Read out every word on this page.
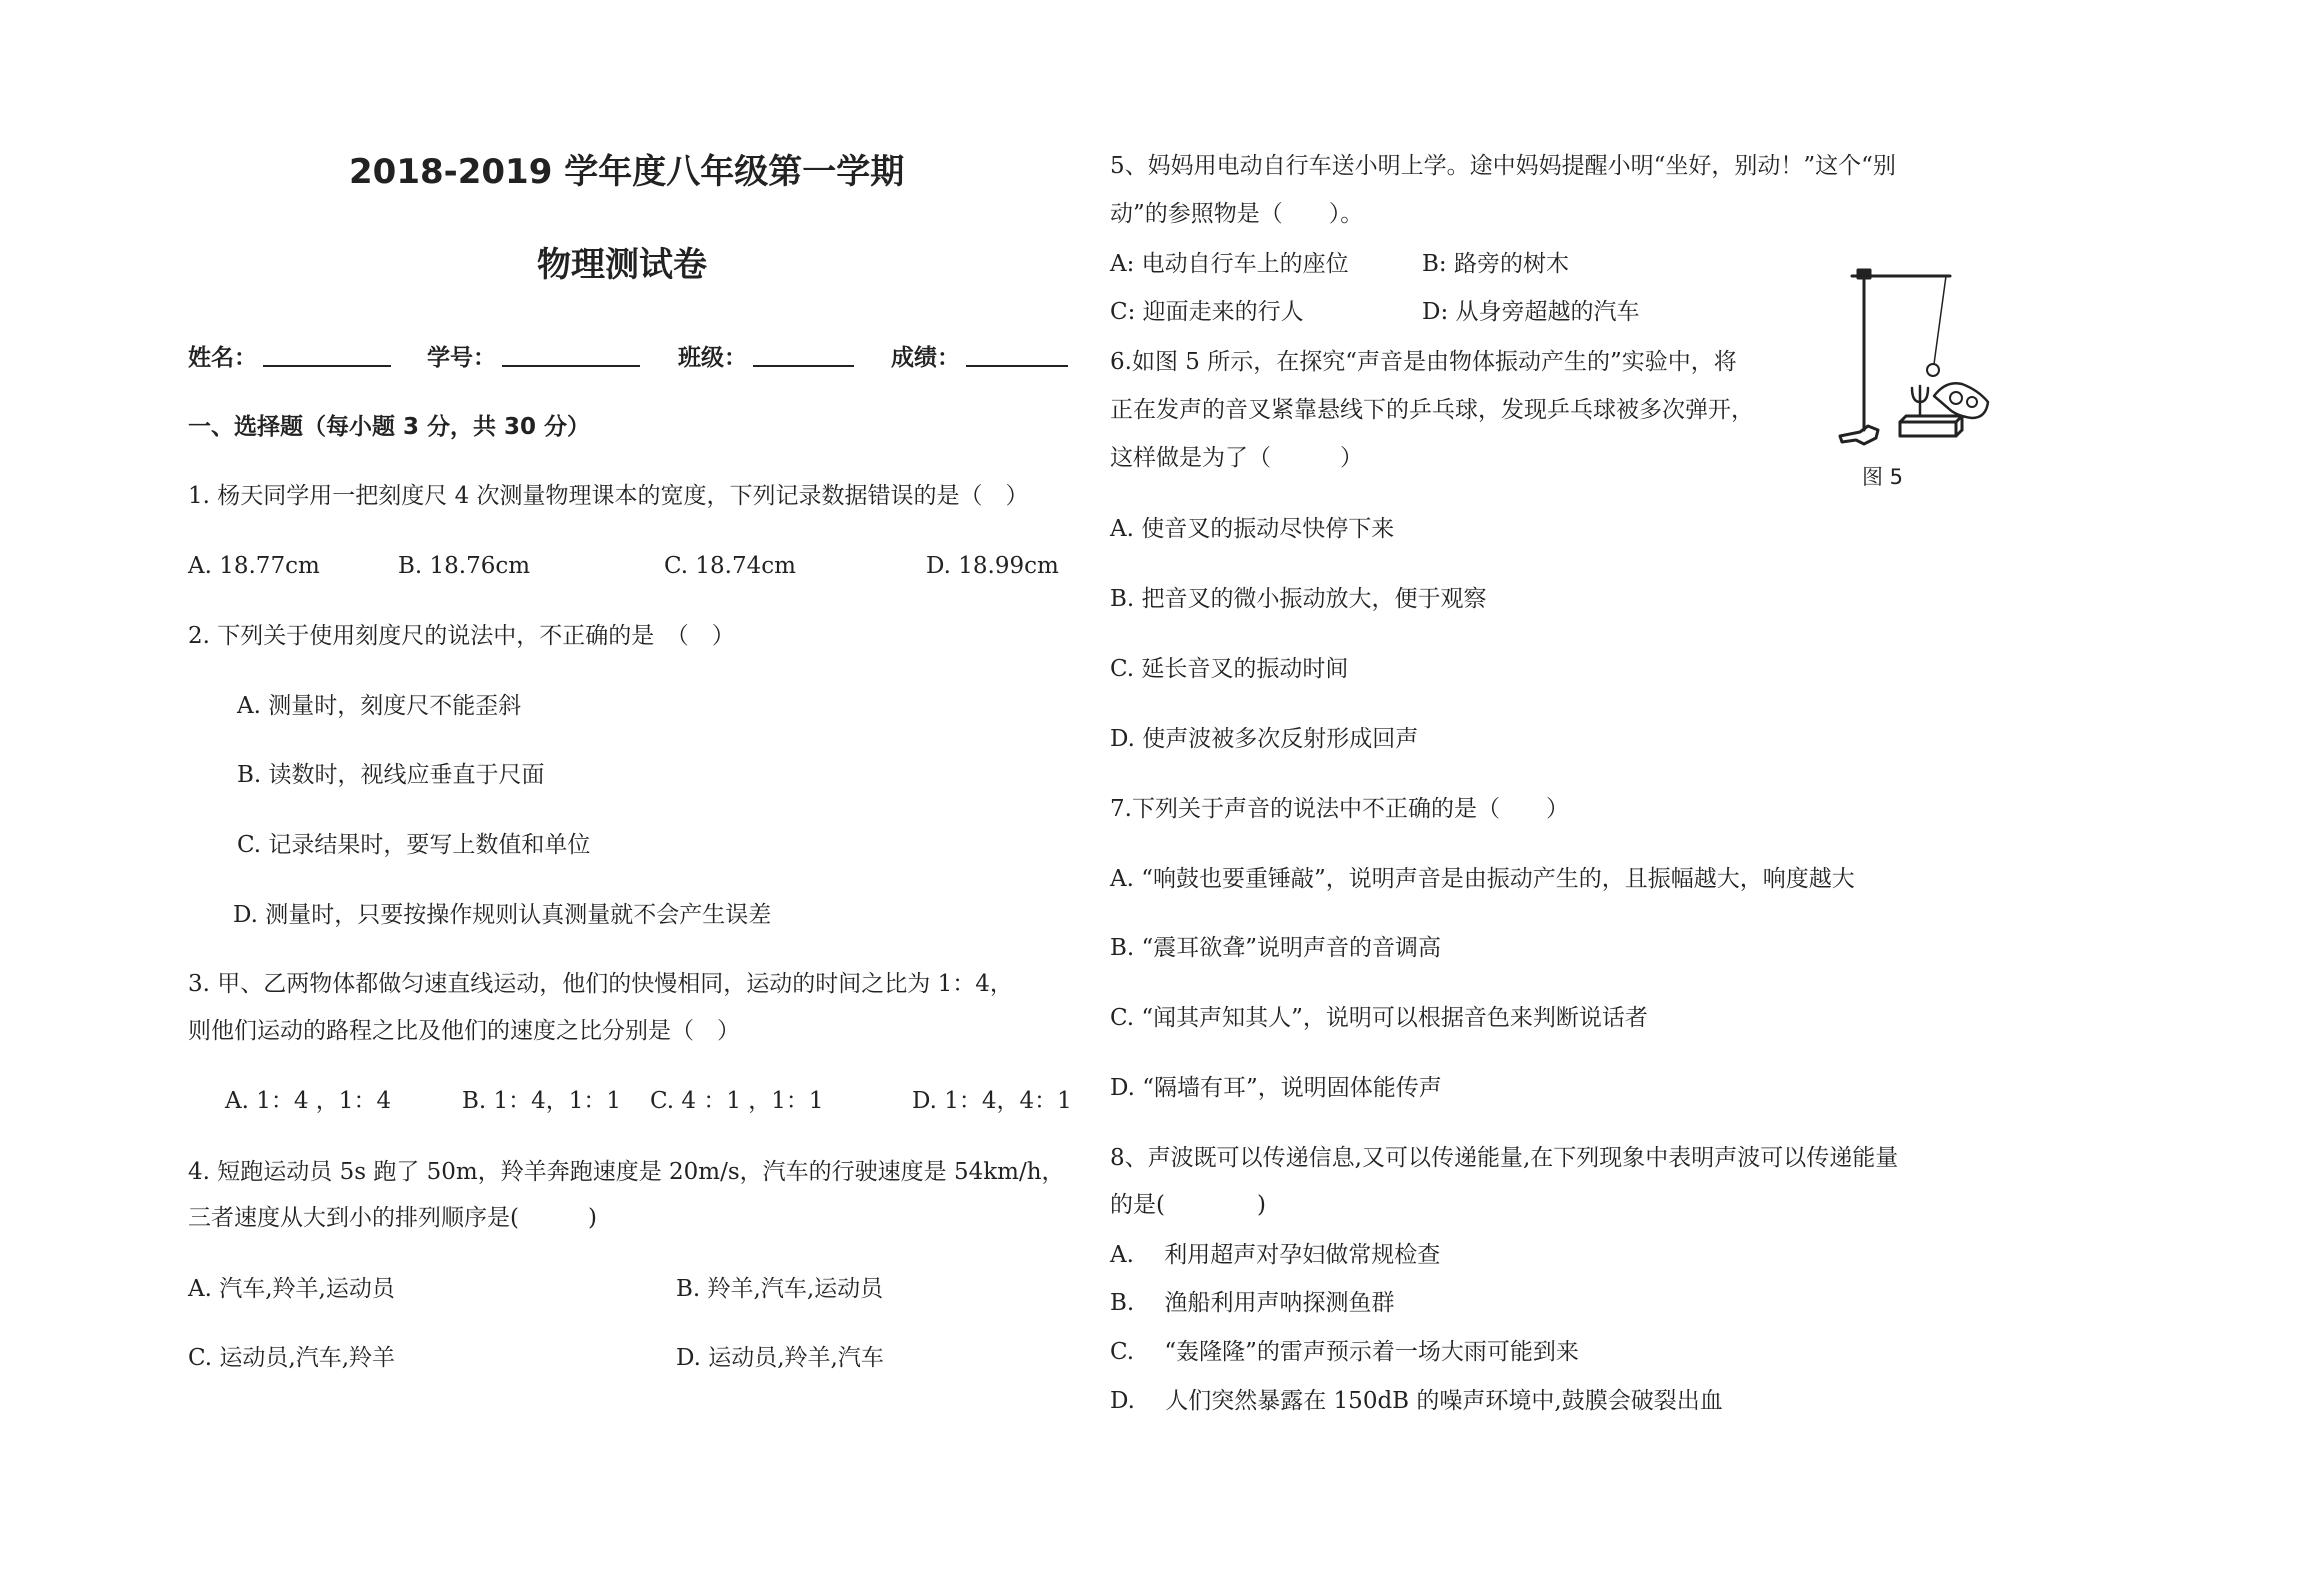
2018-2019 学年度八年级第一学期
物理测试卷
姓名：	学号：	班级：	成绩：
一、选择题（每小题 3 分，共 30 分）
1. 杨天同学用一把刻度尺 4 次测量物理课本的宽度，下列记录数据错误的是（　）
A. 18.77cm	B. 18.76cm	C. 18.74cm	D. 18.99cm
2. 下列关于使用刻度尺的说法中，不正确的是　（　）
A. 测量时，刻度尺不能歪斜
B. 读数时，视线应垂直于尺面
C. 记录结果时，要写上数值和单位
D. 测量时，只要按操作规则认真测量就不会产生误差
3. 甲、乙两物体都做匀速直线运动，他们的快慢相同，运动的时间之比为 1：4，
则他们运动的路程之比及他们的速度之比分别是（　）
A. 1：4 ，1：4	B. 1：4，1：1 C. 4 ：1 ，1：1	D. 1：4，4：1
4. 短跑运动员 5s 跑了 50m，羚羊奔跑速度是 20m/s，汽车的行驶速度是 54km/h，
三者速度从大到小的排列顺序是(　　　)
A. 汽车,羚羊,运动员	B. 羚羊,汽车,运动员
C. 运动员,汽车,羚羊	D. 运动员,羚羊,汽车
5、妈妈用电动自行车送小明上学。途中妈妈提醒小明“坐好，别动！”这个“别
动”的参照物是（　　）。
A: 电动自行车上的座位	B: 路旁的树木
C: 迎面走来的行人	D: 从身旁超越的汽车
6.如图 5 所示，在探究“声音是由物体振动产生的”实验中，将
正在发声的音叉紧靠悬线下的乒乓球，发现乒乓球被多次弹开，
这样做是为了（　　　）
图 5
A. 使音叉的振动尽快停下来
B. 把音叉的微小振动放大，便于观察
C. 延长音叉的振动时间
D. 使声波被多次反射形成回声
7.下列关于声音的说法中不正确的是（　　）
A. “响鼓也要重锤敲”，说明声音是由振动产生的，且振幅越大，响度越大
B. “震耳欲聋”说明声音的音调高
C. “闻其声知其人”，说明可以根据音色来判断说话者
D. “隔墙有耳”，说明固体能传声
8、声波既可以传递信息,又可以传递能量,在下列现象中表明声波可以传递能量
的是(　　　　)
A.　 利用超声对孕妇做常规检查
B.　 渔船利用声呐探测鱼群
C.　 “轰隆隆”的雷声预示着一场大雨可能到来
D.　 人们突然暴露在 150dB 的噪声环境中,鼓膜会破裂出血
